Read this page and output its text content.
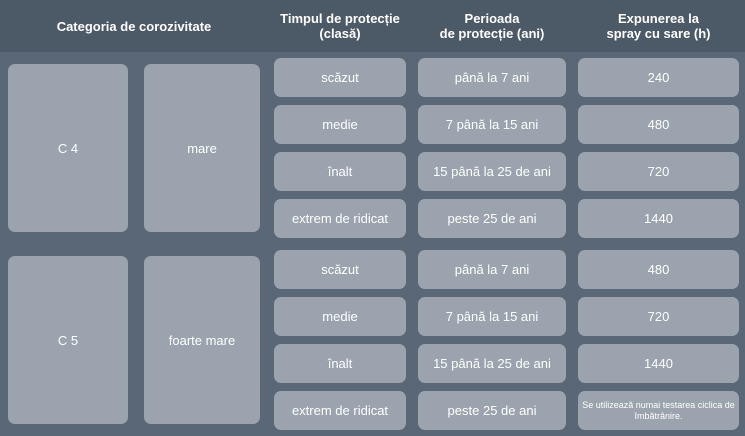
Categoria de corozivitate	Timpul de protecție
(clasă)
Perioada
de protecție (ani)
Expunerea la
spray cu sare (h)
C 4
C 5
mare
foarte mare
scăzut
medie
înalt
extrem de ridicat
scăzut
medie
înalt
extrem de ridicat
până la 7 ani
7 până la 15 ani
15 până la 25 de ani
peste 25 de ani
până la 7 ani
7 până la 15 ani
15 până la 25 de ani
peste 25 de ani
240
480
720
1440
480
720
1440
Se utilizează numai testarea ciclica de îmbătrânire.
